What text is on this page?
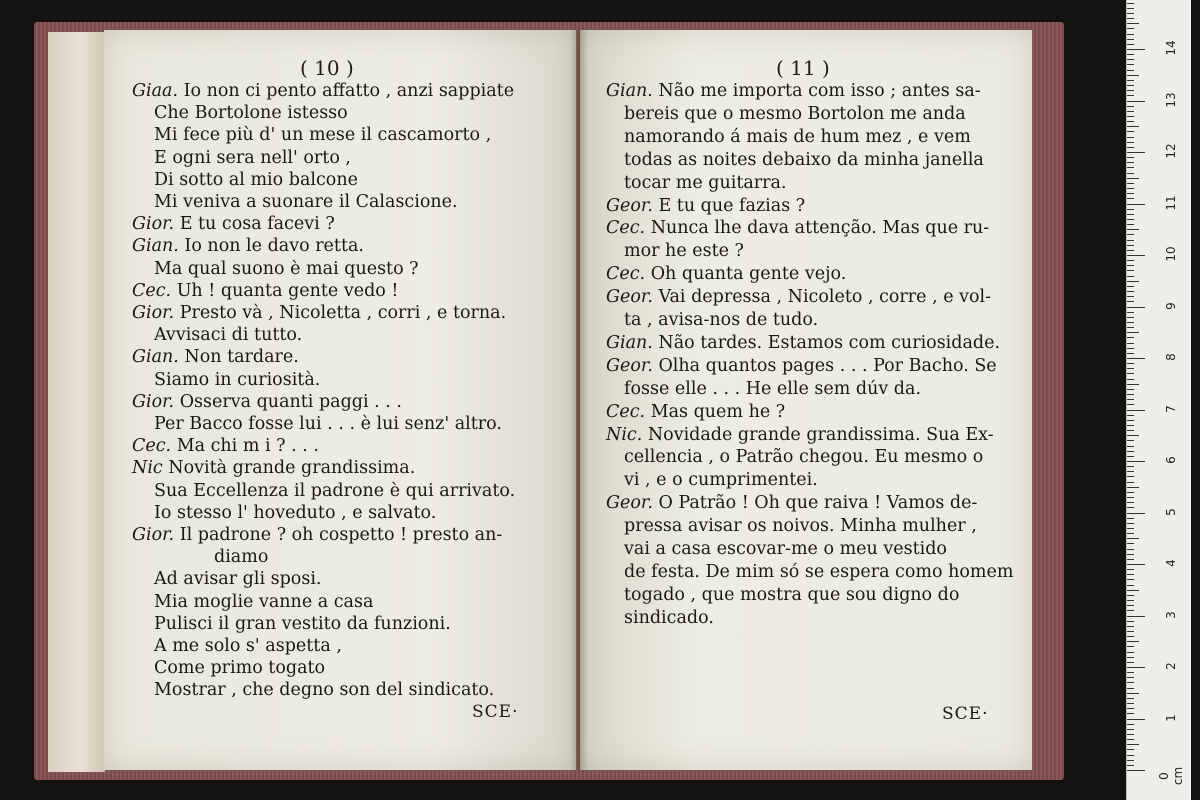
( 10 )
Giaa. Io non ci pento affatto , anzi sappiate
Che Bortolone istesso
Mi fece più d' un mese il cascamorto ,
E ogni sera nell' orto ,
Di sotto al mio balcone
Mi veniva a suonare il Calascione.
Gior. E tu cosa facevi ?
Gian. Io non le davo retta.
Ma qual suono è mai questo ?
Cec. Uh ! quanta gente vedo !
Gior. Presto và , Nicoletta , corri , e torna.
Avvisaci di tutto.
Gian. Non tardare.
Siamo in curiosità.
Gior. Osserva quanti paggi . . .
Per Bacco fosse lui . . . è lui senz' altro.
Cec. Ma chi m i ? . . .
Nic Novità grande grandissima.
Sua Eccellenza il padrone è qui arrivato.
Io stesso l' hoveduto , e salvato.
Gior. Il padrone ? oh cospetto ! presto an-
diamo
Ad avisar gli sposi.
Mia moglie vanne a casa
Pulisci il gran vestito da funzioni.
A me solo s' aspetta ,
Come primo togato
Mostrar , che degno son del sindicato.
SCE·
( 11 )
Gian. Não me importa com isso ; antes sa-
bereis que o mesmo Bortolon me anda
namorando á mais de hum mez , e vem
todas as noites debaixo da minha janella
tocar me guitarra.
Geor. E tu que fazias ?
Cec. Nunca lhe dava attenção. Mas que ru-
mor he este ?
Cec. Oh quanta gente vejo.
Geor. Vai depressa , Nicoleto , corre , e vol-
ta , avisa-nos de tudo.
Gian. Não tardes. Estamos com curiosidade.
Geor. Olha quantos pages . . . Por Bacho. Se
fosse elle . . . He elle sem dúv da.
Cec. Mas quem he ?
Nic. Novidade grande grandissima. Sua Ex-
cellencia , o Patrão chegou. Eu mesmo o
vi , e o cumprimentei.
Geor. O Patrão ! Oh que raiva ! Vamos de-
pressa avisar os noivos. Minha mulher ,
vai a casa escovar-me o meu vestido
de festa. De mim só se espera como homem
togado , que mostra que sou digno do
sindicado.
SCE·
0 cm
1
2
3
4
5
6
7
8
9
10
11
12
13
14
